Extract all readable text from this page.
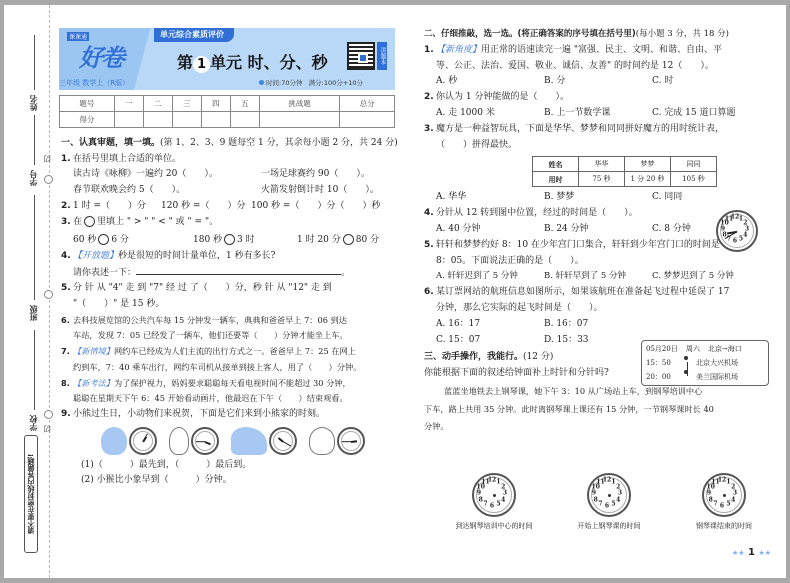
姓名
学号
班级
学校
切
切
请不要在密封线内答题哦!
课课通
好卷
三年级 数学上（R版）
单元综合素质评价
第 1 单元 时、分、秒
时间:70分钟 满分:100分+10分
讲题本
题号	一	二	三	四	五	挑战题	总分
得分							
一、认真审题，填一填。(第 1、2、3、9 题每空 1 分，其余每小题 2 分，共 24 分)
1. 在括号里填上合适的单位。
读古诗《咏柳》一遍约 20（　　）。	一场足球赛约 90（　　）。
春节联欢晚会约 5（　　）。	火箭发射倒计时 10（　　）。
2. 1 时 =（　　）分	120 秒 =（　　）分 100 秒 =（　　）分（　　）秒
3. 在 里填上 " > " " < " 或 " = "。
60 秒 6 分	180 秒 3 时	1 时 20 分 80 分
4. 【开放题】秒是很短的时间计量单位，1 秒有多长?
请你表述一下：	。
5. 分 针 从 "4" 走 到 "7" 经 过 了（　　）分，秒 针 从 "12" 走 到
"（　　）" 是 15 秒。
6. 去科技展览馆的公共汽车每 15 分钟发一辆车，典典和爸爸早上 7：06 到达
车站，发现 7：05 已经发了一辆车，他们还要等（　　）分钟才能坐上车。
7. 【新情境】网约车已经成为人们主流的出行方式之一。爸爸早上 7：25 在网上
约到车，7：40 乘车出行，网约车司机从接单到接上客人，用了（　　）分钟。
8. 【新考法】为了保护视力，妈妈要求聪聪每天看电视时间不能超过 30 分钟，
聪聪在星期天下午 6：45 开始看动画片，他最迟在下午（　　）结束观看。
9. 小熊过生日，小动物们来祝贺，下面是它们来到小熊家的时刻。
(1)（　　　）最先到，（　　　）最后到。
(2) 小猴比小象早到（　　　）分钟。
二、仔细推敲，选一选。(将正确答案的序号填在括号里)(每小题 3 分，共 18 分)
1. 【新角度】用正常的语速读完一遍 "富强、民主、文明、和谐、自由、平
等、公正、法治、爱国、敬业、诚信、友善" 的时间约是 12（　　）。
A. 秒	B. 分	C. 时
2. 你认为 1 分钟能做的是（　　）。
A. 走 1000 米	B. 上一节数学课	C. 完成 15 道口算题
3. 魔方是一种益智玩具，下面是华华、梦梦和同同拼好魔方的用时统计表，
（　　）拼得最快。
姓名	华华	梦梦	同同
用时	75 秒	1 分 20 秒	105 秒
A. 华华	B. 梦梦	C. 同同
4. 分针从 12 转到图中位置，经过的时间是（　　）。
A. 40 分钟	B. 24 分钟	C. 8 分钟
5. 轩轩和梦梦约好 8：10 在少年宫门口集合，轩轩到少年宫门口的时间是
8：05。下面说法正确的是（　　）。
A. 轩轩迟到了 5 分钟	B. 轩轩早到了 5 分钟	C. 梦梦迟到了 5 分钟
6. 某订票网站的航班信息如图所示，如果该航班在准备起飞过程中延误了 17
分钟，那么它实际的起飞时间是（　　）。
A. 16：17	B. 16：07
C. 15：07	D. 15：33
三、动手操作，我能行。(12 分)
你能根据下面的叙述给钟面补上时针和分针吗?
蓝蓝坐地铁去上钢琴课，她下午 3：10 从广场站上车，到钢琴培训中心
下车，路上共用 35 分钟。此时离钢琴课上课还有 15 分钟，一节钢琴课时长 40
分钟。
1
2
3
4
5
6
7
8
9
10
11
12
05月20日 周六 北京→海口
15：50	北京大兴机场
20：00	美兰国际机场
1
2
3
4
5
6
7
8
9
10
11
12
到达钢琴培训中心的时间
1
2
3
4
5
6
7
8
9
10
11
12
开始上钢琴课的时间
1
2
3
4
5
6
7
8
9
10
11
12
钢琴课结束的时间
★★ 1 ★★
